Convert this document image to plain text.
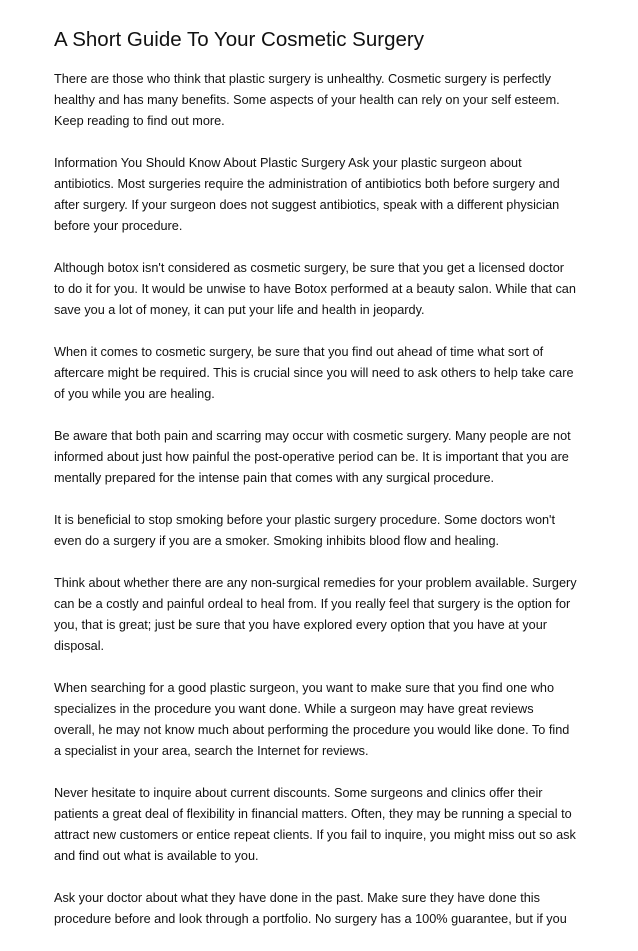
A Short Guide To Your Cosmetic Surgery
There are those who think that plastic surgery is unhealthy. Cosmetic surgery is perfectly
healthy and has many benefits. Some aspects of your health can rely on your self esteem.
Keep reading to find out more.
Information You Should Know About Plastic Surgery Ask your plastic surgeon about
antibiotics. Most surgeries require the administration of antibiotics both before surgery and
after surgery. If your surgeon does not suggest antibiotics, speak with a different physician
before your procedure.
Although botox isn't considered as cosmetic surgery, be sure that you get a licensed doctor
to do it for you. It would be unwise to have Botox performed at a beauty salon. While that can
save you a lot of money, it can put your life and health in jeopardy.
When it comes to cosmetic surgery, be sure that you find out ahead of time what sort of
aftercare might be required. This is crucial since you will need to ask others to help take care
of you while you are healing.
Be aware that both pain and scarring may occur with cosmetic surgery. Many people are not
informed about just how painful the post-operative period can be. It is important that you are
mentally prepared for the intense pain that comes with any surgical procedure.
It is beneficial to stop smoking before your plastic surgery procedure. Some doctors won't
even do a surgery if you are a smoker. Smoking inhibits blood flow and healing.
Think about whether there are any non-surgical remedies for your problem available. Surgery
can be a costly and painful ordeal to heal from. If you really feel that surgery is the option for
you, that is great; just be sure that you have explored every option that you have at your
disposal.
When searching for a good plastic surgeon, you want to make sure that you find one who
specializes in the procedure you want done. While a surgeon may have great reviews
overall, he may not know much about performing the procedure you would like done. To find
a specialist in your area, search the Internet for reviews.
Never hesitate to inquire about current discounts. Some surgeons and clinics offer their
patients a great deal of flexibility in financial matters. Often, they may be running a special to
attract new customers or entice repeat clients. If you fail to inquire, you might miss out so ask
and find out what is available to you.
Ask your doctor about what they have done in the past. Make sure they have done this
procedure before and look through a portfolio. No surgery has a 100% guarantee, but if you
